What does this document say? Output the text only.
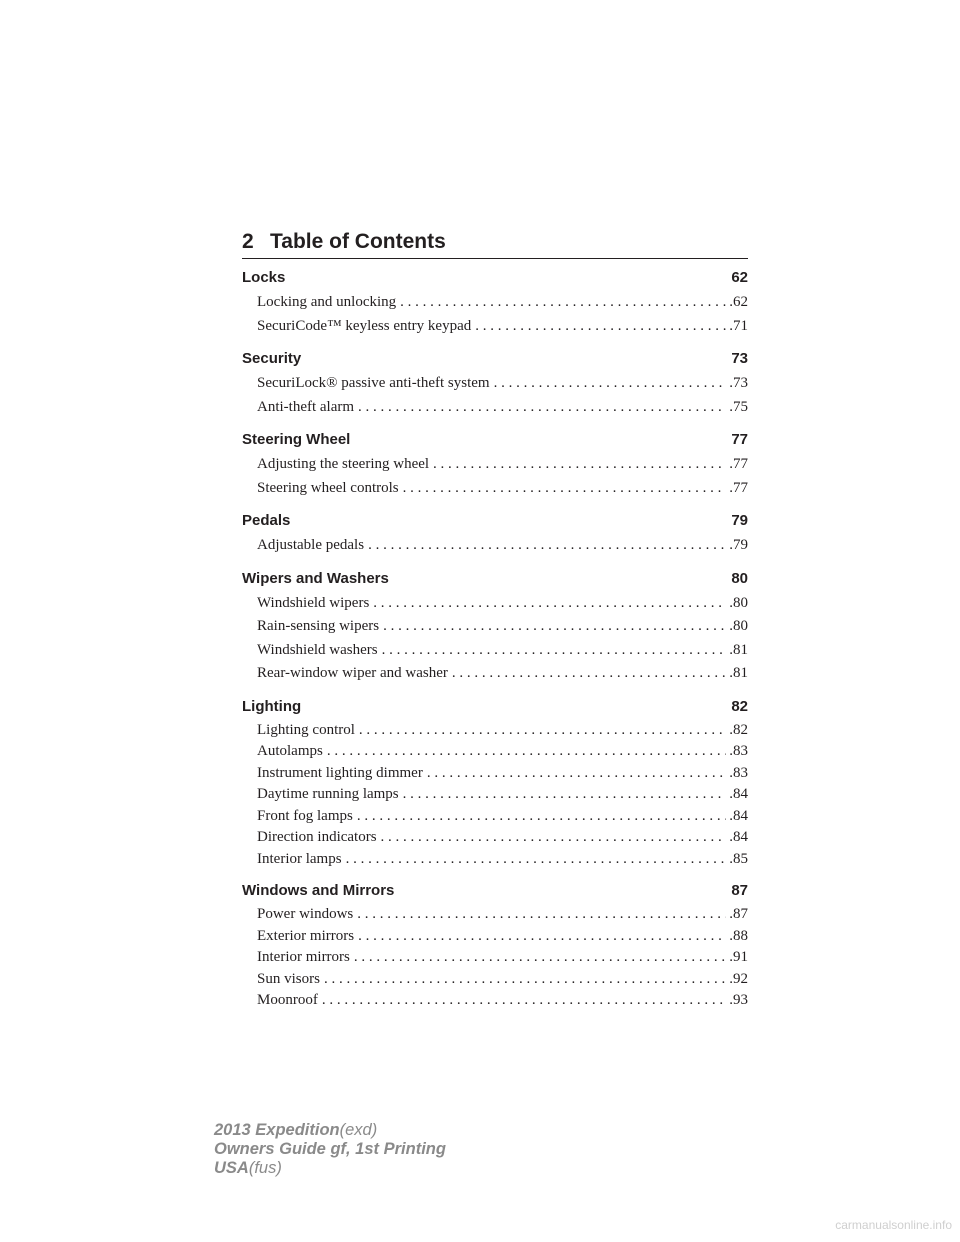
2 Table of Contents
Locks	62
Locking and unlocking . . .	.62
SecuriCode™ keyless entry keypad . . .	.71
Security	73
SecuriLock® passive anti-theft system . . .	.73
Anti-theft alarm . . .	.75
Steering Wheel	77
Adjusting the steering wheel . . .	.77
Steering wheel controls . . .	.77
Pedals	79
Adjustable pedals . . .	.79
Wipers and Washers	80
Windshield wipers . . .	.80
Rain-sensing wipers . . .	.80
Windshield washers . . .	.81
Rear-window wiper and washer . . .	.81
Lighting	82
Lighting control . . .	.82
Autolamps . . .	.83
Instrument lighting dimmer . . .	.83
Daytime running lamps . . .	.84
Front fog lamps . . .	.84
Direction indicators . . .	.84
Interior lamps . . .	.85
Windows and Mirrors	87
Power windows . . .	.87
Exterior mirrors . . .	.88
Interior mirrors . . .	.91
Sun visors . . .	.92
Moonroof . . .	.93
2013 Expedition(exd)
Owners Guide gf, 1st Printing
USA(fus)
carmanualsonline.info
